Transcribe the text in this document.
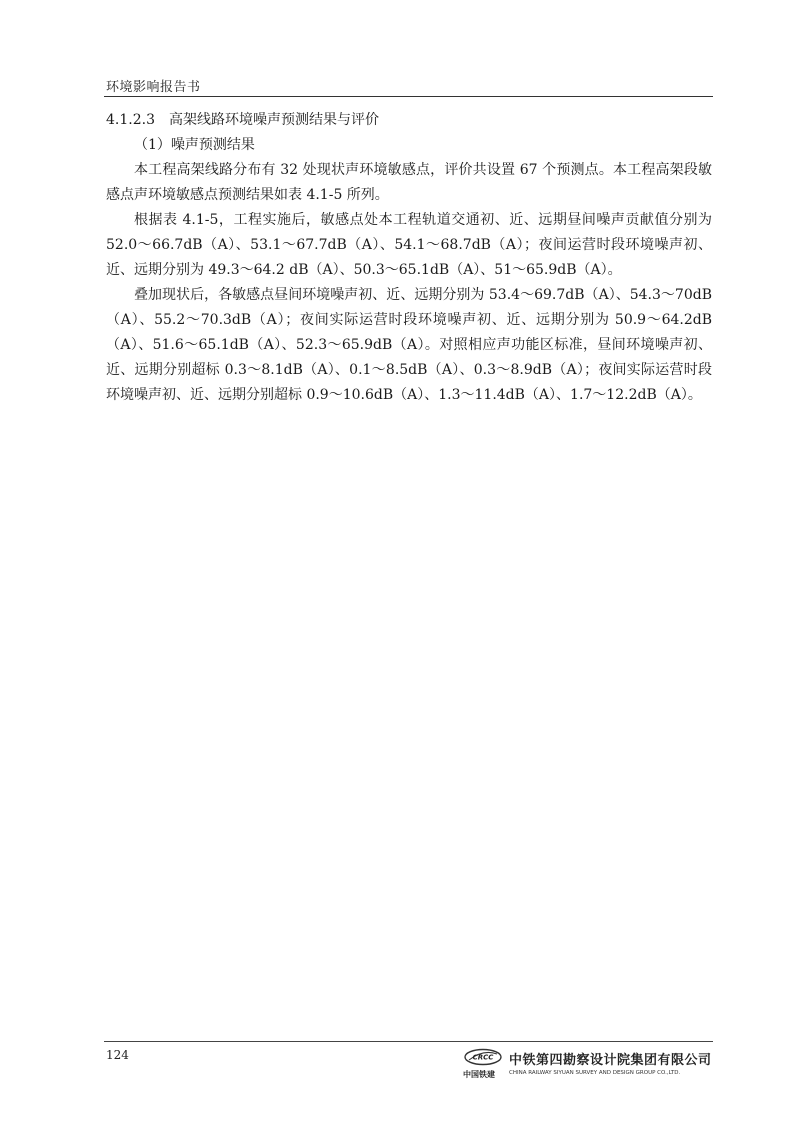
环境影响报告书

4.1.2.3 高架线路环境噪声预测结果与评价

（1）噪声预测结果

本工程高架线路分布有 32 处现状声环境敏感点，评价共设置 67 个预测点。本工程高架段敏感点声环境敏感点预测结果如表 4.1-5 所列。

根据表 4.1-5，工程实施后，敏感点处本工程轨道交通初、近、远期昼间噪声贡献值分别为 52.0～66.7dB（A）、53.1～67.7dB（A）、54.1～68.7dB（A）；夜间运营时段环境噪声初、近、远期分别为 49.3～64.2 dB（A）、50.3～65.1dB（A）、51～65.9dB（A）。

叠加现状后，各敏感点昼间环境噪声初、近、远期分别为 53.4～69.7dB（A）、54.3～70dB（A）、55.2～70.3dB（A）；夜间实际运营时段环境噪声初、近、远期分别为 50.9～64.2dB（A）、51.6～65.1dB（A）、52.3～65.9dB（A）。对照相应声功能区标准，昼间环境噪声初、近、远期分别超标 0.3～8.1dB（A）、0.1～8.5dB（A）、0.3～8.9dB（A）；夜间实际运营时段环境噪声初、近、远期分别超标 0.9～10.6dB（A）、1.3～11.4dB（A）、1.7～12.2dB（A）。

124	CRCC
中国铁建
中铁第四勘察设计院集团有限公司
CHINA RAILWAY SIYUAN SURVEY AND DESIGN GROUP CO.,LTD.
